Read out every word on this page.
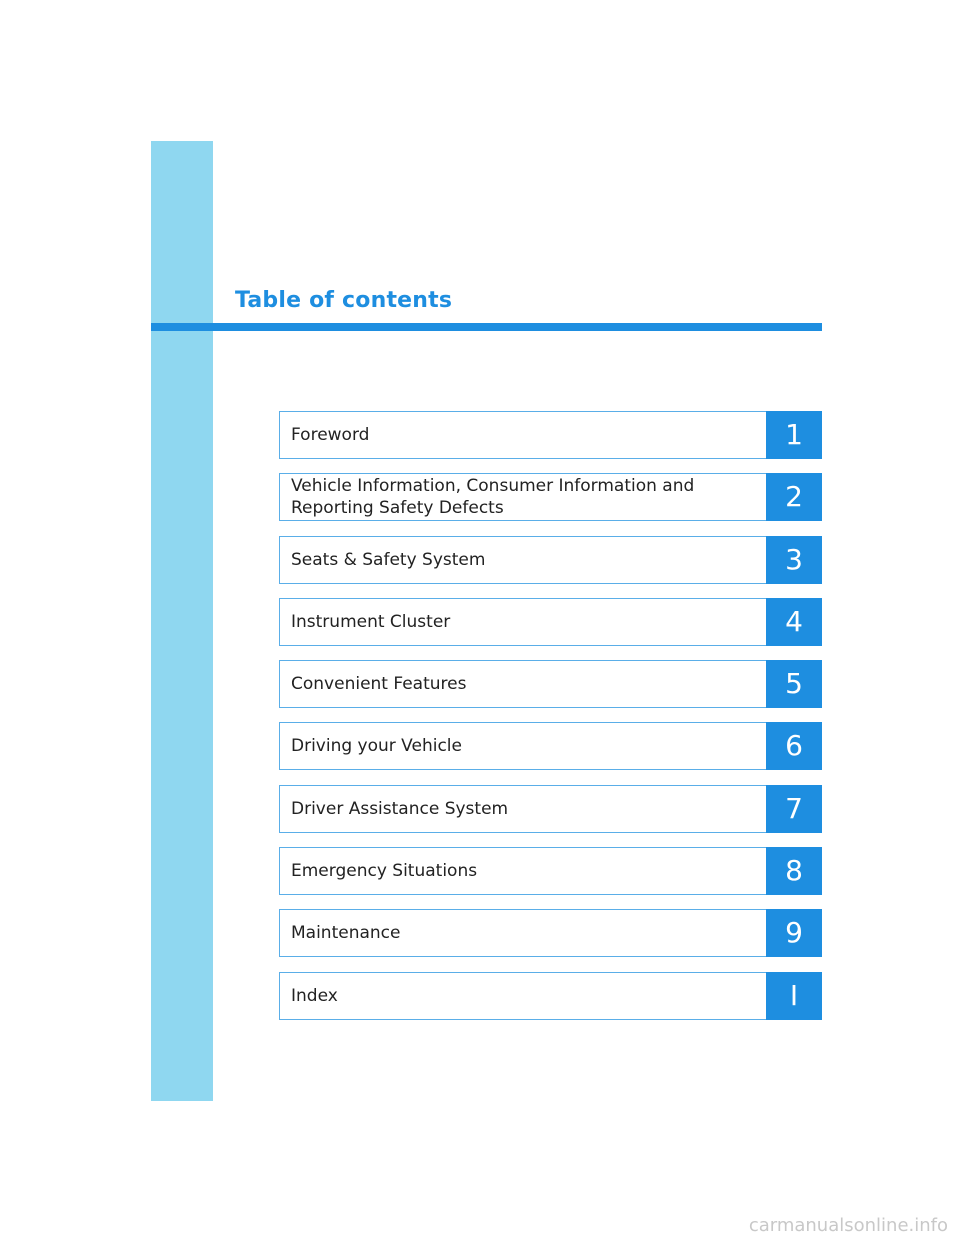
Table of contents
Foreword	1
Vehicle Information, Consumer Information and
Reporting Safety Defects	2
Seats & Safety System	3
Instrument Cluster	4
Convenient Features	5
Driving your Vehicle	6
Driver Assistance System	7
Emergency Situations	8
Maintenance	9
Index	I
carmanualsonline.info
